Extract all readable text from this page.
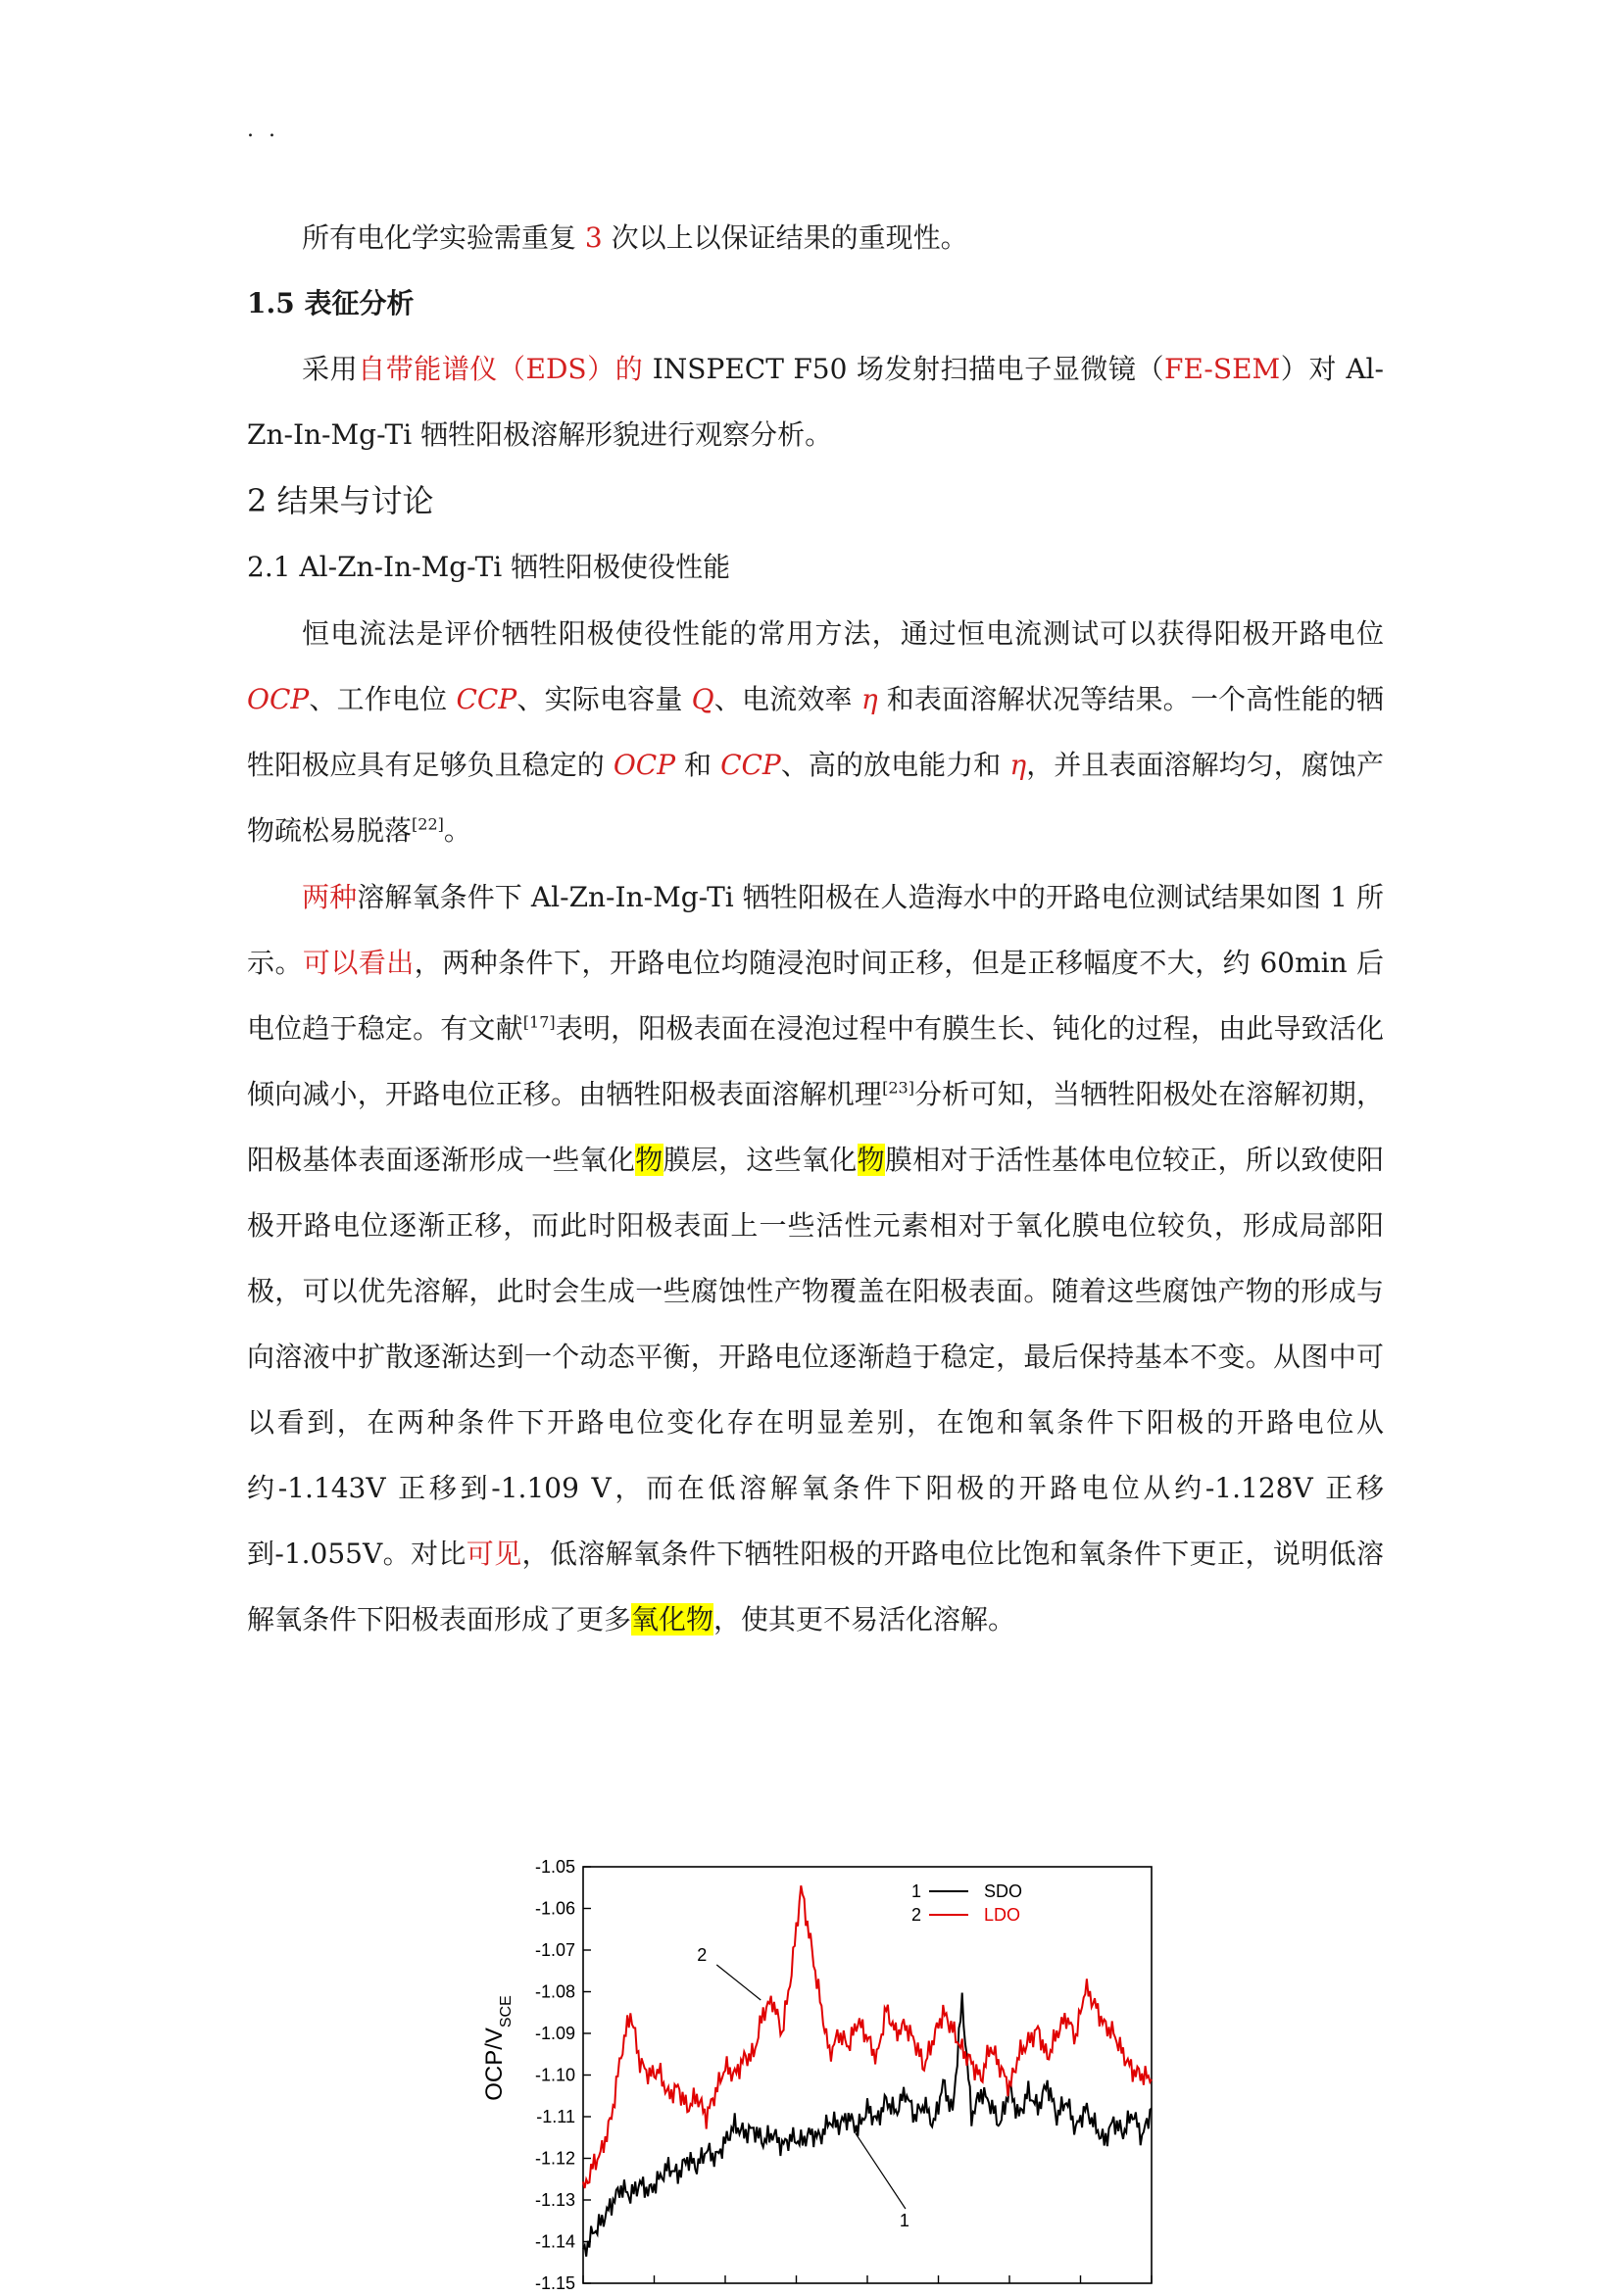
. .

所有电化学实验需重复 3 次以上以保证结果的重现性。

1.5 表征分析

采用自带能谱仪（EDS）的 INSPECT F50 场发射扫描电子显微镜（FE-SEM）对 Al-Zn-In-Mg-Ti 牺牲阳极溶解形貌进行观察分析。

2 结果与讨论

2.1 Al-Zn-In-Mg-Ti 牺牲阳极使役性能

恒电流法是评价牺牲阳极使役性能的常用方法，通过恒电流测试可以获得阳极开路电位OCP、工作电位 CCP、实际电容量 Q、电流效率 η 和表面溶解状况等结果。一个高性能的牺牲阳极应具有足够负且稳定的 OCP 和 CCP、高的放电能力和 η，并且表面溶解均匀，腐蚀产物疏松易脱落[22]。

两种溶解氧条件下 Al-Zn-In-Mg-Ti 牺牲阳极在人造海水中的开路电位测试结果如图 1 所示。可以看出，两种条件下，开路电位均随浸泡时间正移，但是正移幅度不大，约 60min 后电位趋于稳定。有文献[17]表明，阳极表面在浸泡过程中有膜生长、钝化的过程，由此导致活化倾向减小，开路电位正移。由牺牲阳极表面溶解机理[23]分析可知，当牺牲阳极处在溶解初期，阳极基体表面逐渐形成一些氧化物膜层，这些氧化物膜相对于活性基体电位较正，所以致使阳极开路电位逐渐正移，而此时阳极表面上一些活性元素相对于氧化膜电位较负，形成局部阳极，可以优先溶解，此时会生成一些腐蚀性产物覆盖在阳极表面。随着这些腐蚀产物的形成与向溶液中扩散逐渐达到一个动态平衡，开路电位逐渐趋于稳定，最后保持基本不变。从图中可以看到，在两种条件下开路电位变化存在明显差别，在饱和氧条件下阳极的开路电位从约-1.143V 正移到-1.109 V，而在低溶解氧条件下阳极的开路电位从约-1.128V 正移到-1.055V。对比可见，低溶解氧条件下牺牲阳极的开路电位比饱和氧条件下更正，说明低溶解氧条件下阳极表面形成了更多氧化物，使其更不易活化溶解。

-1.05
-1.06
-1.07
-1.08
-1.09
-1.10
-1.11
-1.12
-1.13
-1.14
-1.15
OCP/$V_{SCE}$
2
1
1	SDO
2	LDO
